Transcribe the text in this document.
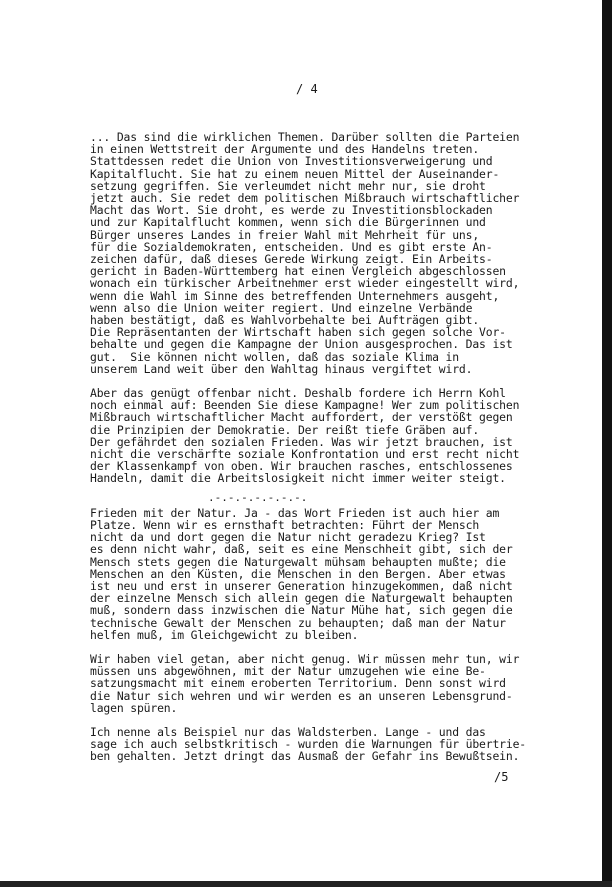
/ 4
... Das sind die wirklichen Themen. Darüber sollten die Parteien
in einen Wettstreit der Argumente und des Handelns treten.
Stattdessen redet die Union von Investitionsverweigerung und
Kapitalflucht. Sie hat zu einem neuen Mittel der Auseinander-
setzung gegriffen. Sie verleumdet nicht mehr nur, sie droht
jetzt auch. Sie redet dem politischen Mißbrauch wirtschaftlicher
Macht das Wort. Sie droht, es werde zu Investitionsblockaden
und zur Kapitalflucht kommen, wenn sich die Bürgerinnen und
Bürger unseres Landes in freier Wahl mit Mehrheit für uns,
für die Sozialdemokraten, entscheiden. Und es gibt erste An-
zeichen dafür, daß dieses Gerede Wirkung zeigt. Ein Arbeits-
gericht in Baden-Württemberg hat einen Vergleich abgeschlossen
wonach ein türkischer Arbeitnehmer erst wieder eingestellt wird,
wenn die Wahl im Sinne des betreffenden Unternehmers ausgeht,
wenn also die Union weiter regiert. Und einzelne Verbände
haben bestätigt, daß es Wahlvorbehalte bei Aufträgen gibt.
Die Repräsentanten der Wirtschaft haben sich gegen solche Vor-
behalte und gegen die Kampagne der Union ausgesprochen. Das ist
gut.  Sie können nicht wollen, daß das soziale Klima in
unserem Land weit über den Wahltag hinaus vergiftet wird.
Aber das genügt offenbar nicht. Deshalb fordere ich Herrn Kohl
noch einmal auf: Beenden Sie diese Kampagne! Wer zum politischen
Mißbrauch wirtschaftlicher Macht auffordert, der verstößt gegen
die Prinzipien der Demokratie. Der reißt tiefe Gräben auf.
Der gefährdet den sozialen Frieden. Was wir jetzt brauchen, ist
nicht die verschärfte soziale Konfrontation und erst recht nicht
der Klassenkampf von oben. Wir brauchen rasches, entschlossenes
Handeln, damit die Arbeitslosigkeit nicht immer weiter steigt.
.-.-.-.-.-.-.-.
Frieden mit der Natur. Ja - das Wort Frieden ist auch hier am
Platze. Wenn wir es ernsthaft betrachten: Führt der Mensch
nicht da und dort gegen die Natur nicht geradezu Krieg? Ist
es denn nicht wahr, daß, seit es eine Menschheit gibt, sich der
Mensch stets gegen die Naturgewalt mühsam behaupten mußte; die
Menschen an den Küsten, die Menschen in den Bergen. Aber etwas
ist neu und erst in unserer Generation hinzugekommen, daß nicht
der einzelne Mensch sich allein gegen die Naturgewalt behaupten
muß, sondern dass inzwischen die Natur Mühe hat, sich gegen die
technische Gewalt der Menschen zu behaupten; daß man der Natur
helfen muß, im Gleichgewicht zu bleiben.
Wir haben viel getan, aber nicht genug. Wir müssen mehr tun, wir
müssen uns abgewöhnen, mit der Natur umzugehen wie eine Be-
satzungsmacht mit einem eroberten Territorium. Denn sonst wird
die Natur sich wehren und wir werden es an unseren Lebensgrund-
lagen spüren.
Ich nenne als Beispiel nur das Waldsterben. Lange - und das
sage ich auch selbstkritisch - wurden die Warnungen für übertrie-
ben gehalten. Jetzt dringt das Ausmaß der Gefahr ins Bewußtsein.
/5
